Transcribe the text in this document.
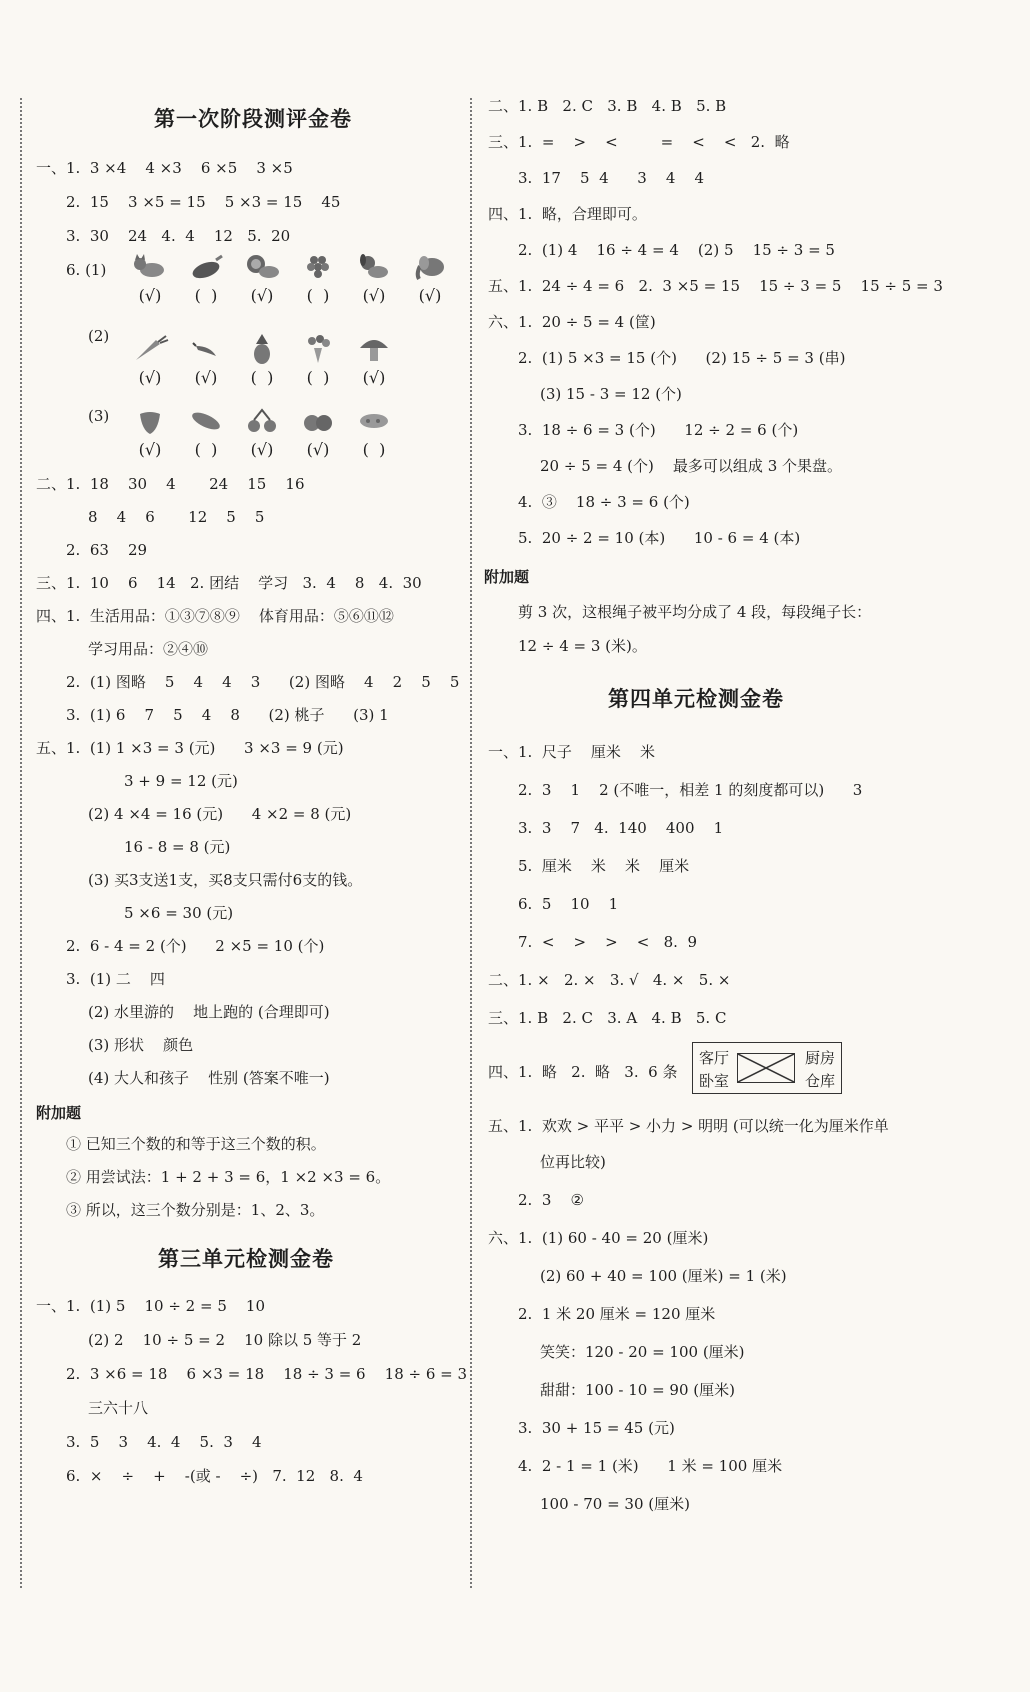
第一次阶段测评金卷
一、1.  3 ×4    4 ×3    6 ×5    3 ×5
2.  15    3 ×5 = 15    5 ×3 = 15    45
3.  30    24   4.  4    12   5.  20
6. (1)
(√) (  ) (√) (  ) (√) (√)
(2)
(√) (√) (  ) (  ) (√)
(3)
(√) (  ) (√) (√) (  )
二、1.  18    30    4       24    15    16
8    4    6       12    5    5
2.  63    29
三、1.  10    6    14   2. 团结    学习   3.  4    8   4.  30
四、1.  生活用品：①③⑦⑧⑨    体育用品：⑤⑥⑪⑫
学习用品：②④⑩
2.  (1) 图略    5    4    4    3      (2) 图略    4    2    5    5
3.  (1) 6    7    5    4    8      (2) 桃子      (3) 1
五、1.  (1) 1 ×3 = 3 (元)      3 ×3 = 9 (元)
3 + 9 = 12 (元)
(2) 4 ×4 = 16 (元)      4 ×2 = 8 (元)
16 - 8 = 8 (元)
(3) 买3支送1支，买8支只需付6支的钱。
5 ×6 = 30 (元)
2.  6 - 4 = 2 (个)      2 ×5 = 10 (个)
3.  (1) 二    四
(2) 水里游的    地上跑的 (合理即可)
(3) 形状    颜色
(4) 大人和孩子    性别 (答案不唯一)
附加题
① 已知三个数的和等于这三个数的积。
② 用尝试法：1 + 2 + 3 = 6，1 ×2 ×3 = 6。
③ 所以，这三个数分别是：1、2、3。
第三单元检测金卷
一、1.  (1) 5    10 ÷ 2 = 5    10
(2) 2    10 ÷ 5 = 2    10 除以 5 等于 2
2.  3 ×6 = 18    6 ×3 = 18    18 ÷ 3 = 6    18 ÷ 6 = 3
三六十八
3.  5    3    4.  4    5.  3    4
6.  ×    ÷    +    -(或 -    ÷)   7.  12   8.  4
二、1. B   2. C   3. B   4. B   5. B
三、1.  =    >    <         =    <    <   2.  略
3.  17    5  4      3    4    4
四、1.  略，合理即可。
2.  (1) 4    16 ÷ 4 = 4    (2) 5    15 ÷ 3 = 5
五、1.  24 ÷ 4 = 6   2.  3 ×5 = 15    15 ÷ 3 = 5    15 ÷ 5 = 3
六、1.  20 ÷ 5 = 4 (筐)
2.  (1) 5 ×3 = 15 (个)      (2) 15 ÷ 5 = 3 (串)
(3) 15 - 3 = 12 (个)
3.  18 ÷ 6 = 3 (个)      12 ÷ 2 = 6 (个)
20 ÷ 5 = 4 (个)    最多可以组成 3 个果盘。
4.  ③    18 ÷ 3 = 6 (个)
5.  20 ÷ 2 = 10 (本)      10 - 6 = 4 (本)
附加题
剪 3 次，这根绳子被平均分成了 4 段，每段绳子长：
12 ÷ 4 = 3 (米)。
第四单元检测金卷
一、1.  尺子    厘米    米
2.  3    1    2 (不唯一，相差 1 的刻度都可以)      3
3.  3    7   4.  140    400    1
5.  厘米    米    米    厘米
6.  5    10    1
7.  <    >    >    <   8.  9
二、1. ×   2. ×   3. √   4. ×   5. ×
三、1. B   2. C   3. A   4. B   5. C
四、1.  略   2.  略   3.  6 条
客厅	厨房
卧室	仓库
五、1.  欢欢 > 平平 > 小力 > 明明 (可以统一化为厘米作单
位再比较)
2.  3    ②
六、1.  (1) 60 - 40 = 20 (厘米)
(2) 60 + 40 = 100 (厘米) = 1 (米)
2.  1 米 20 厘米 = 120 厘米
笑笑：120 - 20 = 100 (厘米)
甜甜：100 - 10 = 90 (厘米)
3.  30 + 15 = 45 (元)
4.  2 - 1 = 1 (米)      1 米 = 100 厘米
100 - 70 = 30 (厘米)
